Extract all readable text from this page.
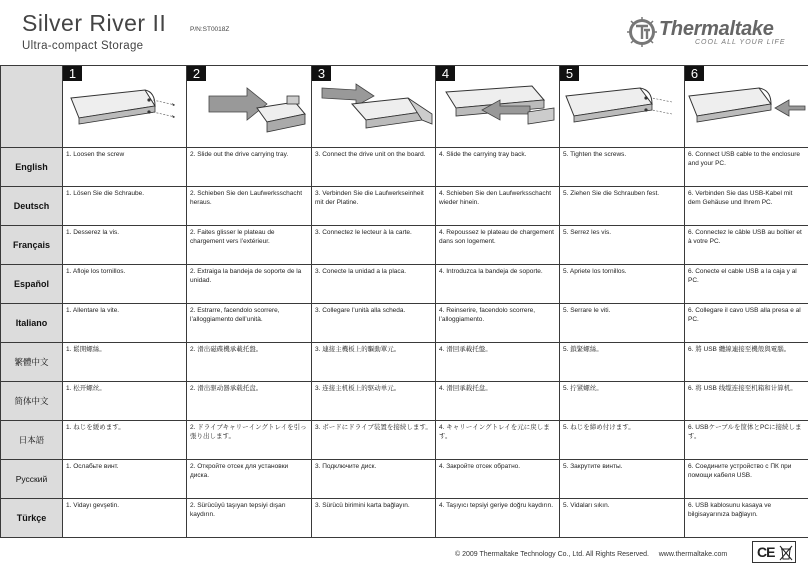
Silver River II	P/N:ST0018Z
Ultra-compact Storage
Thermaltake
COOL ALL YOUR LIFE

	1	2	3	4	5	6

English	1. Loosen the screw	2. Slide out the drive carrying tray.	3. Connect the drive unit on the board.	4. Slide the carrying tray back.	5. Tighten the screws.	6. Connect USB cable to the enclosure and your PC.
Deutsch	1. Lösen Sie die Schraube.	2. Schieben Sie den Laufwerksschacht heraus.	3. Verbinden Sie die Laufwerkseinheit mit der Platine.	4. Schieben Sie den Laufwerksschacht wieder hinein.	5. Ziehen Sie die Schrauben fest.	6. Verbinden Sie das USB-Kabel mit dem Gehäuse und Ihrem PC.
Français	1. Desserez la vis.	2. Faites glisser le plateau de chargement vers l’extérieur.	3. Connectez le lecteur à la carte.	4. Repoussez le plateau de chargement dans son logement.	5. Serrez les vis.	6. Connectez le câble USB au boîtier et à votre PC.
Español	1. Afloje los tornillos.	2. Extraiga la bandeja de soporte de la unidad.	3. Conecte la unidad a la placa.	4. Introduzca la bandeja de soporte.	5. Apriete los tornillos.	6. Conecte el cable USB a la caja y al PC.
Italiano	1. Allentare la vite.	2. Estrarre, facendolo scorrere, l’alloggiamento dell’unità.	3. Collegare l’unità alla scheda.	4. Reinserire, facendolo scorrere, l’alloggiamento.	5. Serrare le viti.	6. Collegare il cavo USB alla presa e al PC.
繁體中文	1. 鬆開螺絲。	2. 滑出磁碟機承載托盤。	3. 連接主機板上的驅動單元。	4. 滑回承載托盤。	5. 鎖緊螺絲。	6. 將 USB 纜線連接至機殼與電腦。
简体中文	1. 松开螺丝。	2. 滑出驱动器承载托盘。	3. 连接主机板上的驱动单元。	4. 滑回承载托盘。	5. 拧紧螺丝。	6. 将 USB 线缆连接至机箱和计算机。
日本語	1. ねじを緩めます。	2. ドライブキャリーイングトレイを引っ張り出します。	3. ボードにドライブ装置を接続します。	4. キャリーイングトレイを元に戻します。	5. ねじを締め付けます。	6. USBケーブルを筐体とPCに接続します。
Русский	1. Ослабьте винт.	2. Откройте отсек для установки диска.	3. Подключите диск.	4. Закройте отсек обратно.	5. Закрутите винты.	6. Соедините устройство с ПК при помощи кабеля USB.
Türkçe	1. Vidayı gevşetin.	2. Sürücüyü taşıyan tepsiyi dışarı kaydırın.	3. Sürücü birimini karta bağlayın.	4. Taşıyıcı tepsiyi geriye doğru kaydırın.	5. Vidaları sıkın.	6. USB kablosunu kasaya ve bilgisayarınıza bağlayın.
© 2009 Thermaltake Technology Co., Ltd. All Rights Reserved. www.thermaltake.com CE
